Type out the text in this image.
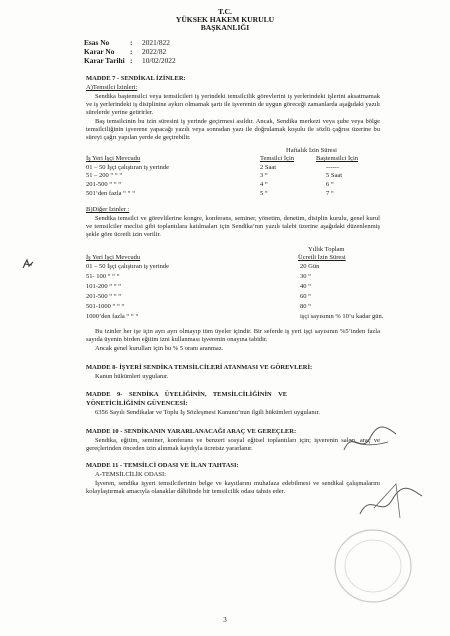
T.C.
YÜKSEK HAKEM KURULU
BAŞKANLIĞI
Esas No	: 2021/822
Karar No : 2022/82
Karar Tarihi : 10/02/2022
MADDE 7 - SENDİKAL İZİNLER:
A)Temsilci İzinleri:
Sendika baştemsilci veya temsilcileri iş yerindeki temsilcilik görevlerini iş yerlerindeki işlerini aksatmamak ve iş yerlerindeki iş disiplinine aykırı olmamak şartı ile işverenin de uygun göreceği zamanlarda aşağıdaki yazılı sürelerde yerine getirirler.
Baş temsilcinin bu izin süresini iş yerinde geçirmesi asıldır. Ancak, Sendika merkezi veya şube veya bölge temsilciliğinin işverene yapacağı yazılı veya sonradan yazı ile doğrulamak koşulu ile sözlü çağrısı üzerine bu süreyi çağrı yapılan yerde de geçirebilir.
Haftalık İzin Süresi
İş Yeri İşçi Mevcudu	Temsilci İçin	Baştemsilci İçin
01 – 50 İşçi çalıştıran iş yerinde	2 Saat	------
51 – 200 “ “ “	3 “	5 Saat
201-500 “ “ “	4 “	6 “
501’den fazla “ “ “	5 “	7 “
B)Diğer İzinler :
Sendika temsilci ve görevlilerine kongre, konferans, seminer, yönetim, denetim, disiplin kurulu, genel kurul ve temsilciler meclisi gibi toplantılara katılmaları için Sendika’nın yazılı talebi üzerine aşağıdaki düzenlenmiş şekle göre ücretli izin verilir.
Yıllık Toplam
İş Yeri İşçi Mevcudu	Ücretli İzin Süresi
01 – 50 İşçi çalıştıran iş yerinde	20 Gün
51- 100 “ “ “	30 “
101-200 “ “ “	40 “
201-500 “ “ “	60 “
501-1000 “ “ “	80 “
1000’den fazla “ “ “	işçi sayısının % 10’u kadar gün.
Bu izinler her işe için ayrı ayrı olmayıp tüm üyeler içindir. Bir seferde iş yeri işçi sayısının %5’inden fazla sayıda üyenin birden eğitim izni kullanması işverenin onayına tabidir.
Ancak genel kurulları için bu % 5 oranı aranmaz.
MADDE 8- İŞYERİ SENDİKA TEMSİLCİLERİ ATANMASI VE GÖREVLERİ:
Kanun hükümleri uygulanır.
MADDE    9-    SENDİKA    ÜYELİĞİNİN,    TEMSİLCİLİĞİNİN    VE
YÖNETİCİLİĞİNİN GÜVENCESİ:
6356 Sayılı Sendikalar ve Toplu İş Sözleşmesi Kanunu’nun ilgili hükümleri uygulanır.
MADDE 10 - SENDİKANIN YARARLANACAĞI ARAÇ VE GEREÇLER:
Sendika, eğitim, seminer, konferans ve benzeri sosyal eğitsel toplantıları için; işverenin salon, araç ve gereçlerinden önceden izin alınmak kaydıyla ücretsiz yararlanır.
MADDE 11 - TEMSİLCİ ODASI VE İLAN TAHTASI:
A-TEMSİLCİLİK ODASI:
İşveren, sendika işyeri temsilcilerinin belge ve kayıtlarını muhafaza edebilmesi ve sendikal çalışmalarını kolaylaştırmak amacıyla olanaklar dâhilinde bir temsilcilik odası tahsis eder.
3
